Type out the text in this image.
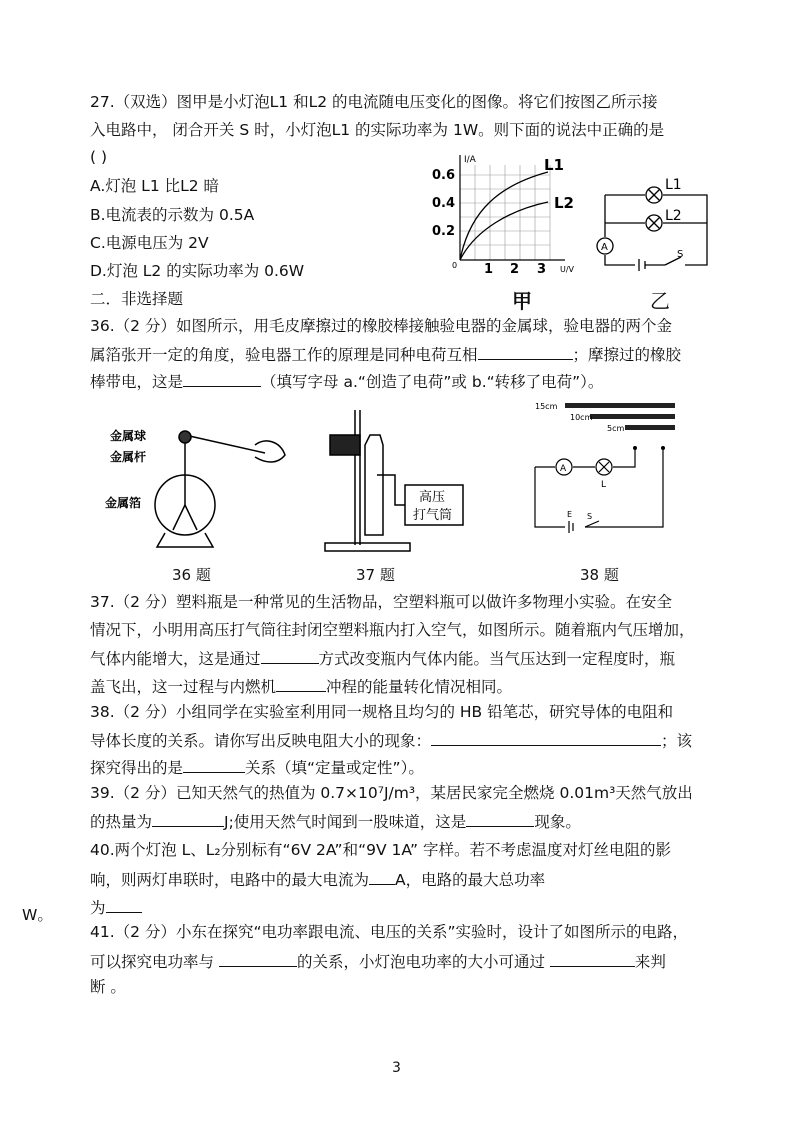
27.（双选）图甲是小灯泡L1 和L2 的电流随电压变化的图像。将它们按图乙所示接
入电路中， 闭合开关 S 时，小灯泡L1 的实际功率为 1W。则下面的说法中正确的是
( )
A.灯泡 L1 比L2 暗
B.电流表的示数为 0.5A
C.电源电压为 2V
D.灯泡 L2 的实际功率为 0.6W
二．非选择题
I/A
U/V
0
0.6
0.4
0.2
1 2 3
L1
L2
甲
A
L1
L2
S
乙
36.（2 分）如图所示，用毛皮摩擦过的橡胶棒接触验电器的金属球，验电器的两个金
属箔张开一定的角度，验电器工作的原理是同种电荷互相	；摩擦过的橡胶
棒带电，这是	（填写字母 a.“创造了电荷”或 b.“转移了电荷”）。
金属球
金属杆
金属箔
36 题
高压
打气筒
37 题
15cm
10cm
5cm
A
L
E S
38 题
37.（2 分）塑料瓶是一种常见的生活物品，空塑料瓶可以做许多物理小实验。在安全
情况下，小明用高压打气筒往封闭空塑料瓶内打入空气，如图所示。随着瓶内气压增加，
气体内能增大，这是通过	方式改变瓶内气体内能。当气压达到一定程度时，瓶
盖飞出，这一过程与内燃机	冲程的能量转化情况相同。
38.（2 分）小组同学在实验室利用同一规格且均匀的 HB 铅笔芯，研究导体的电阻和
导体长度的关系。请你写出反映电阻大小的现象：	；该
探究得出的是	关系（填“定量或定性”）。
39.（2 分）已知天然气的热值为 0.7×10⁷J/m³，某居民家完全燃烧 0.01m³天然气放出
的热量为	J;使用天然气时闻到一股味道，这是	现象。
40.两个灯泡 L、L₂分别标有“6V 2A”和“9V 1A” 字样。若不考虑温度对灯丝电阻的影
响，则两灯串联时，电路中的最大电流为 A，电路的最大总功率
为
W。
41.（2 分）小东在探究“电功率跟电流、电压的关系”实验时，设计了如图所示的电路，
可以探究电功率与	的关系，小灯泡电功率的大小可通过	来判
断 。
3
